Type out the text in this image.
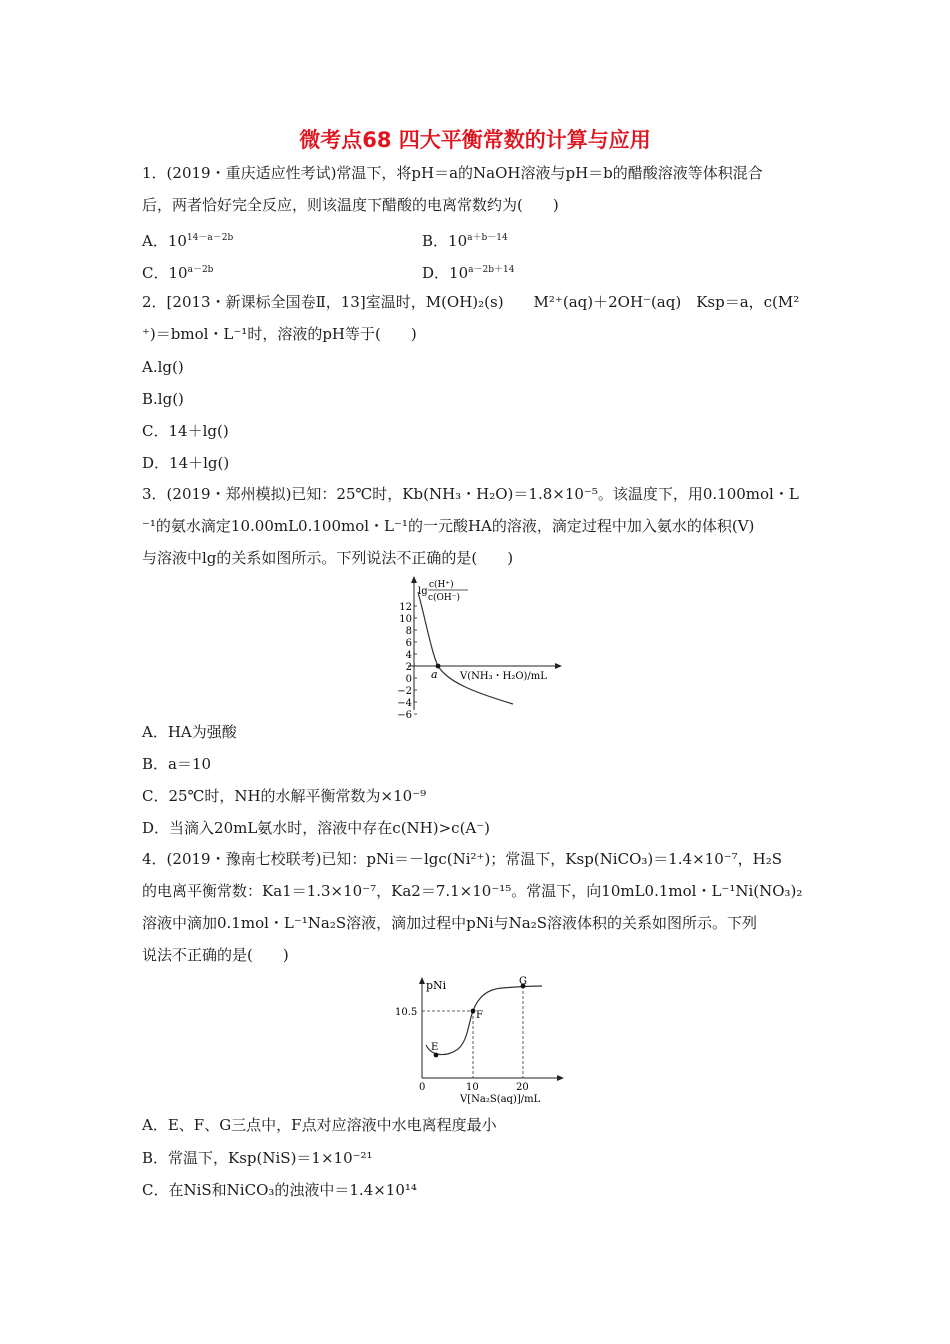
微考点68 四大平衡常数的计算与应用
1．(2019・重庆适应性考试)常温下，将pH＝a的NaOH溶液与pH＝b的醋酸溶液等体积混合
后，两者恰好完全反应，则该温度下醋酸的电离常数约为(　　)
A．$10^{14-a-2b}$	B．$10^{a+b-14}$
C．$10^{a-2b}$	D．$10^{a-2b+14}$
2．[2013・新课标全国卷Ⅱ，13]室温时，M(OH)₂(s)　　M²⁺(aq)＋2OH⁻(aq)　Ksp＝a，c(M²
⁺)＝bmol・L⁻¹时，溶液的pH等于(　　)
A.lg()
B.lg()
C．14＋lg()
D．14＋lg()
3．(2019・郑州模拟)已知：25℃时，Kb(NH₃・H₂O)＝1.8×10⁻⁵。该温度下，用0.100mol・L
⁻¹的氨水滴定10.00mL0.100mol・L⁻¹的一元酸HA的溶液，滴定过程中加入氨水的体积(V)
与溶液中lg的关系如图所示。下列说法不正确的是(　　)
12
10
8
6
4
2
0
−2
−4
−6
lg
c(H⁺)
c(OH⁻)
a V(NH₃・H₂O)/mL
A．HA为强酸
B．a＝10
C．25℃时，NH的水解平衡常数为×10⁻⁹
D．当滴入20mL氨水时，溶液中存在c(NH)>c(A⁻)
4．(2019・豫南七校联考)已知：pNi＝－lgc(Ni²⁺)；常温下，Ksp(NiCO₃)＝1.4×10⁻⁷，H₂S
的电离平衡常数：Ka1＝1.3×10⁻⁷，Ka2＝7.1×10⁻¹⁵。常温下，向10mL0.1mol・L⁻¹Ni(NO₃)₂
溶液中滴加0.1mol・L⁻¹Na₂S溶液，滴加过程中pNi与Na₂S溶液体积的关系如图所示。下列
说法不正确的是(　　)
pNi
10.5
E
F
G
0	10	20
V[Na₂S(aq)]/mL
A．E、F、G三点中，F点对应溶液中水电离程度最小
B．常温下，Ksp(NiS)＝1×10⁻²¹
C．在NiS和NiCO₃的浊液中＝1.4×10¹⁴
